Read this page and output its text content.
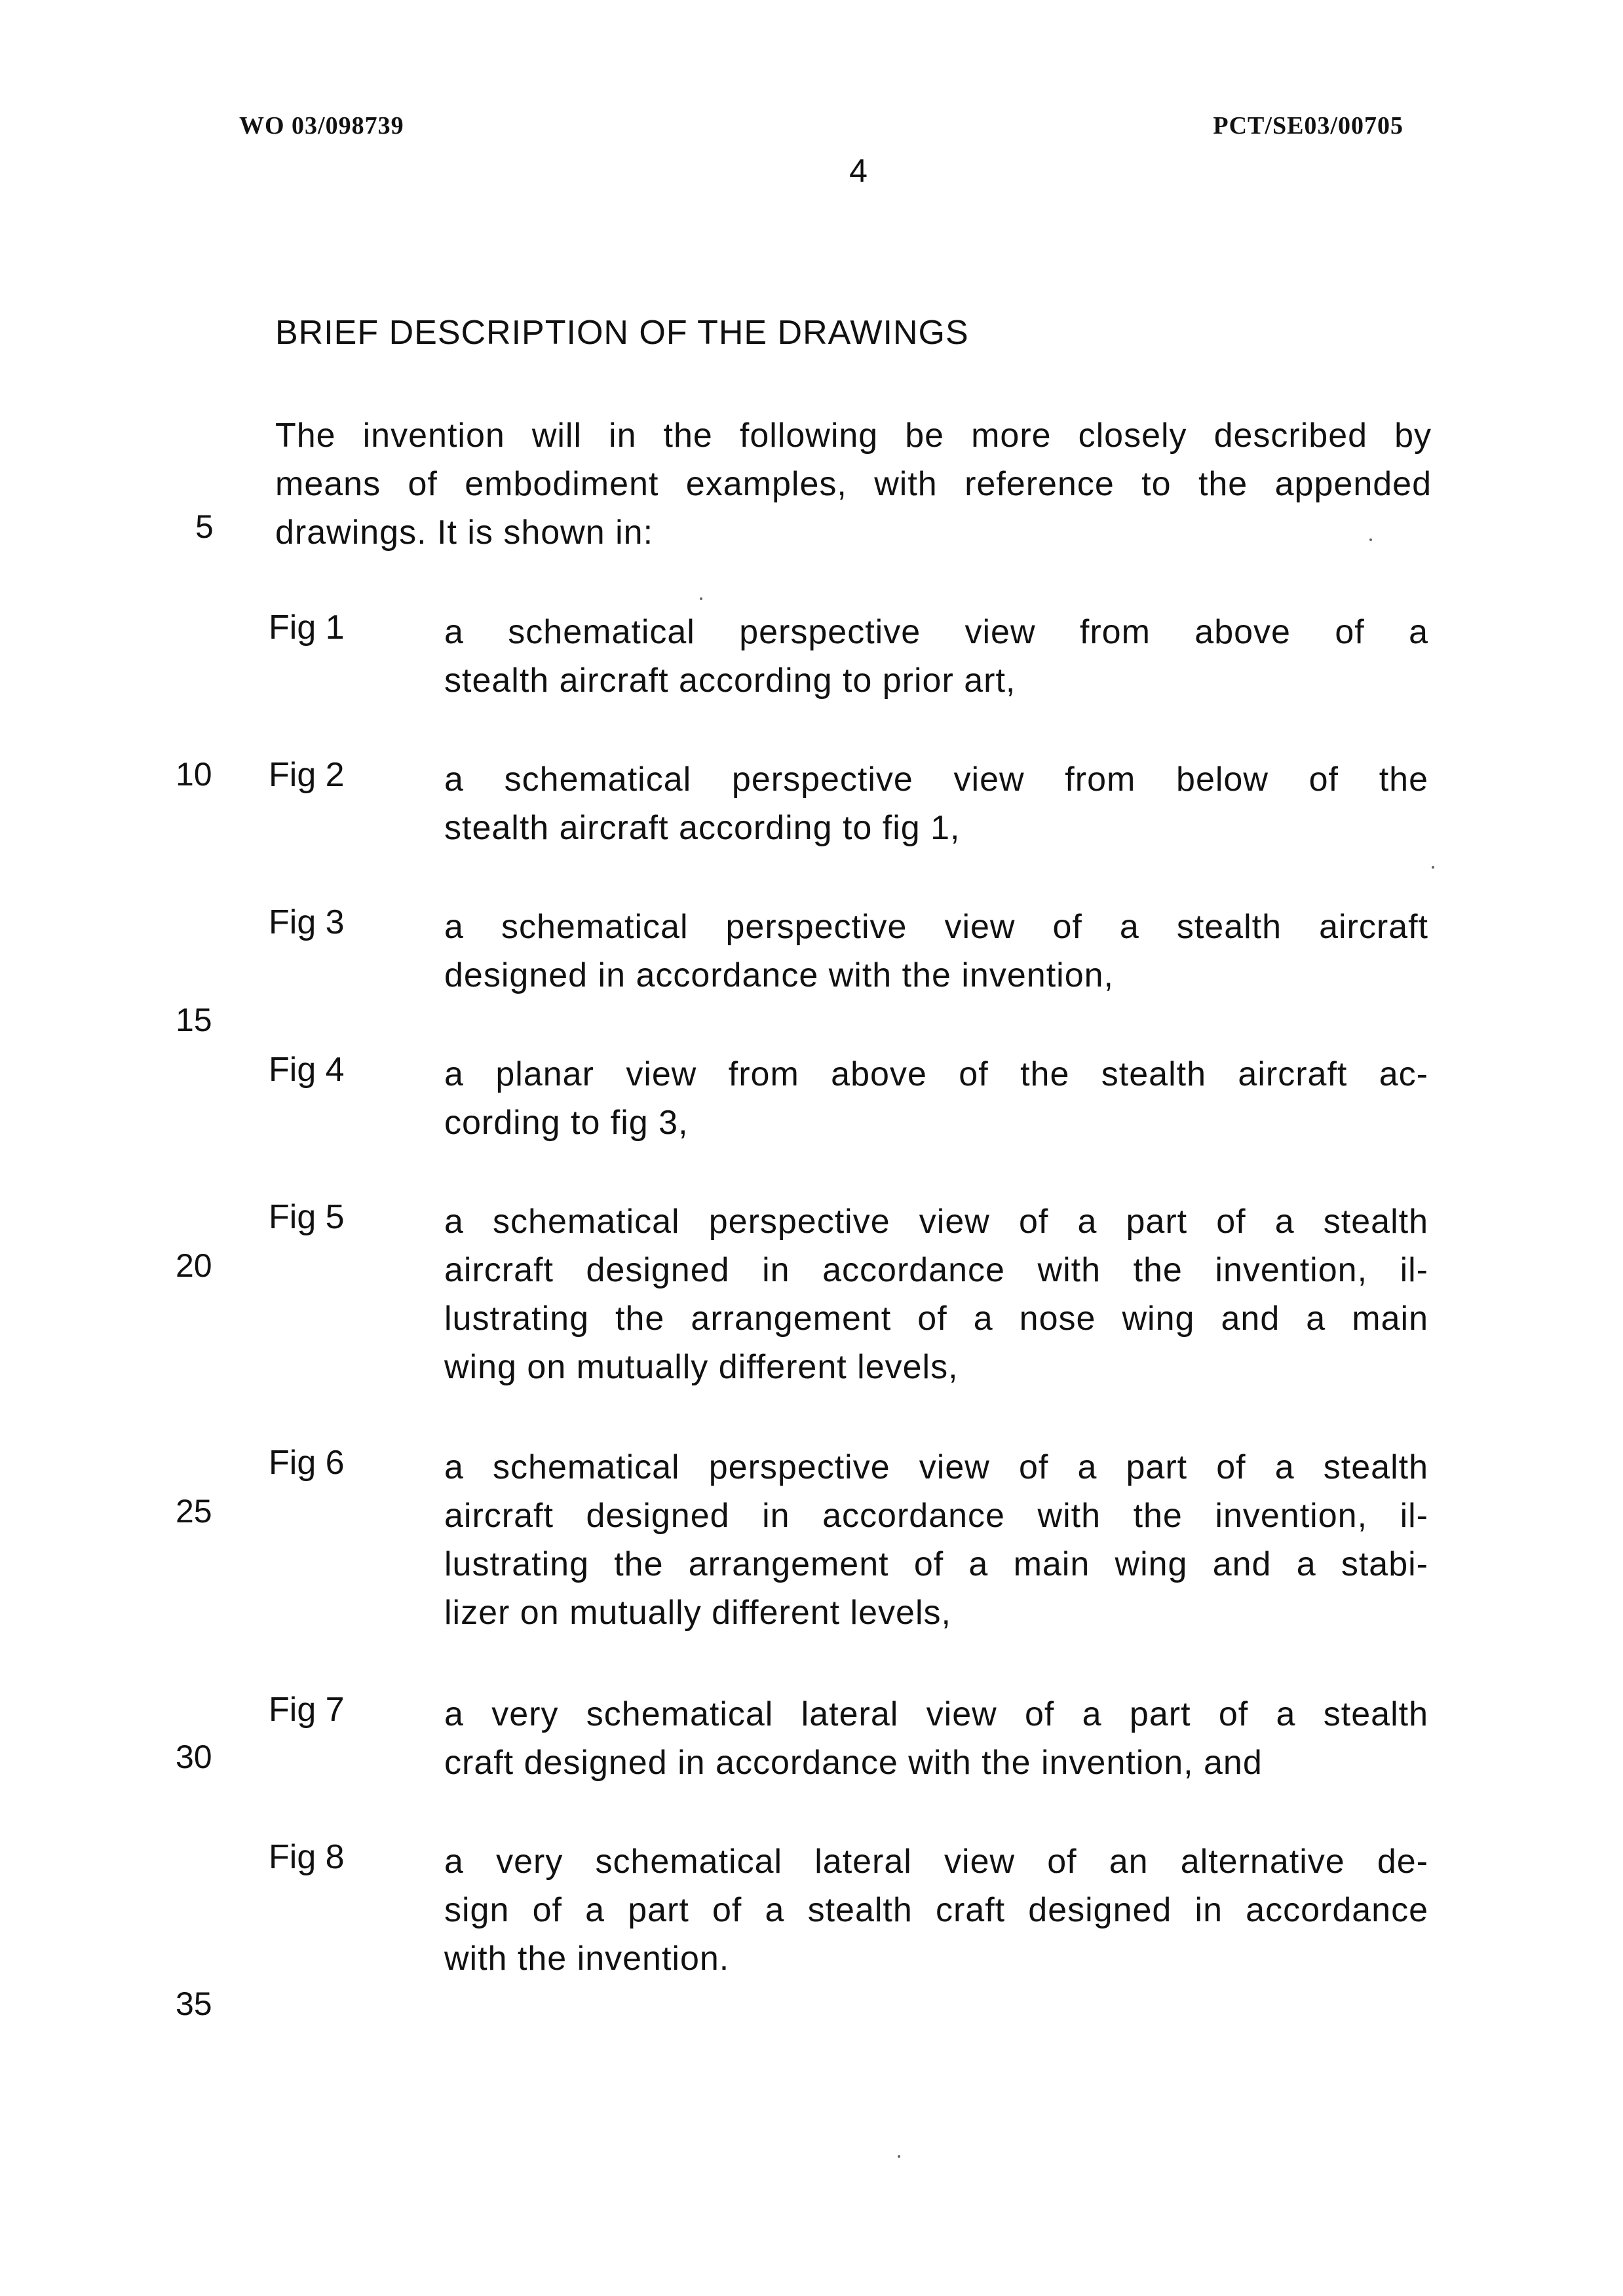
WO 03/098739	PCT/SE03/00705
4
BRIEF DESCRIPTION OF THE DRAWINGS
The invention will in the following be more closely described by
means of embodiment examples, with reference to the appended
drawings. It is shown in:
Fig 1	a schematical perspective view from above of a
stealth aircraft according to prior art,
Fig 2	a schematical perspective view from below of the
stealth aircraft according to fig 1,
Fig 3	a schematical perspective view of a stealth aircraft
designed in accordance with the invention,
Fig 4	a planar view from above of the stealth aircraft ac-
cording to fig 3,
Fig 5	a schematical perspective view of a part of a stealth
aircraft designed in accordance with the invention, il-
lustrating the arrangement of a nose wing and a main
wing on mutually different levels,
Fig 6	a schematical perspective view of a part of a stealth
aircraft designed in accordance with the invention, il-
lustrating the arrangement of a main wing and a stabi-
lizer on mutually different levels,
Fig 7	a very schematical lateral view of a part of a stealth
craft designed in accordance with the invention, and
Fig 8	a very schematical lateral view of an alternative de-
sign of a part of a stealth craft designed in accordance
with the invention.
5
10
15
20
25
30
35
